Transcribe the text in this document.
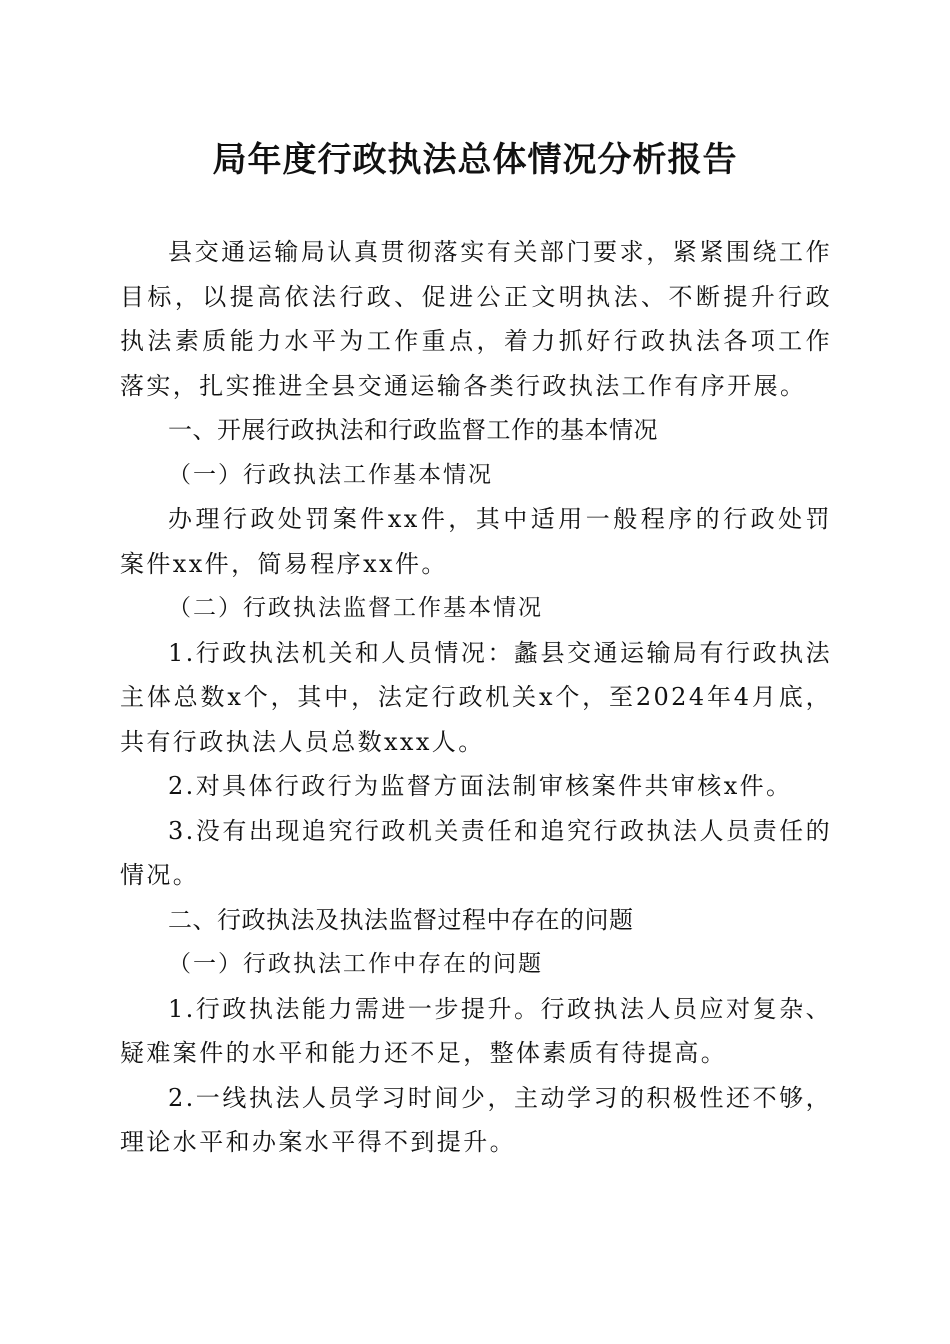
局年度行政执法总体情况分析报告

县交通运输局认真贯彻落实有关部门要求，紧紧围绕工作目标，以提高依法行政、促进公正文明执法、不断提升行政执法素质能力水平为工作重点，着力抓好行政执法各项工作落实，扎实推进全县交通运输各类行政执法工作有序开展。

一、开展行政执法和行政监督工作的基本情况

（一）行政执法工作基本情况

办理行政处罚案件xx件，其中适用一般程序的行政处罚案件xx件，简易程序xx件。

（二）行政执法监督工作基本情况

1.行政执法机关和人员情况：蠡县交通运输局有行政执法主体总数x个，其中，法定行政机关x个，至2024年4月底，共有行政执法人员总数xxx人。

2.对具体行政行为监督方面法制审核案件共审核x件。

3.没有出现追究行政机关责任和追究行政执法人员责任的情况。

二、行政执法及执法监督过程中存在的问题

（一）行政执法工作中存在的问题

1.行政执法能力需进一步提升。行政执法人员应对复杂、疑难案件的水平和能力还不足，整体素质有待提高。

2.一线执法人员学习时间少，主动学习的积极性还不够，理论水平和办案水平得不到提升。
